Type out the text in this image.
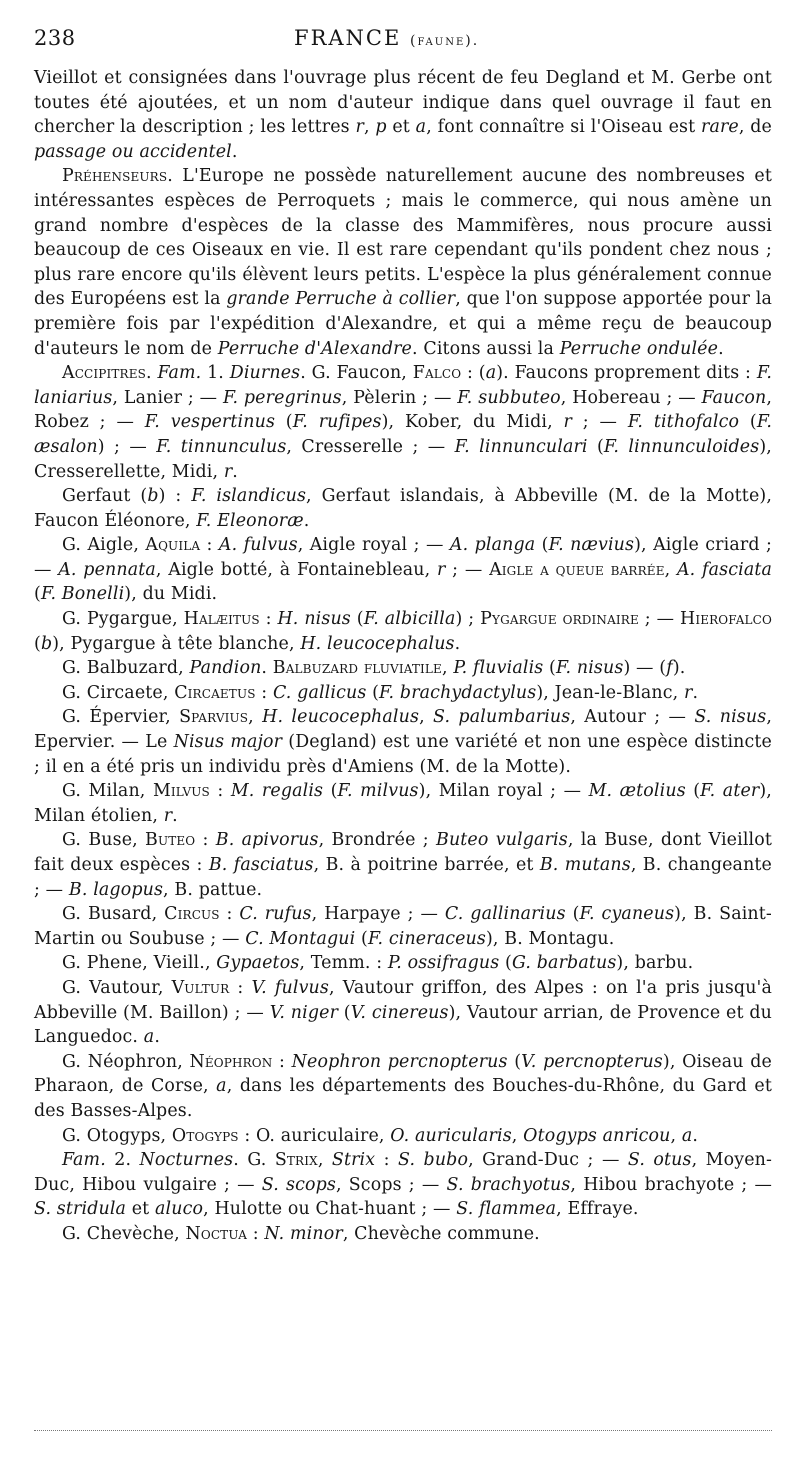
238	FRANCE (faune).

Vieillot et consignées dans l'ouvrage plus récent de feu Degland et M. Gerbe ont toutes été ajoutées, et un nom d'auteur indique dans quel ouvrage il faut en chercher la description ; les lettres r, p et a, font connaître si l'Oiseau est rare, de passage ou accidentel.

Préhenseurs. L'Europe ne possède naturellement aucune des nombreuses et intéressantes espèces de Perroquets ; mais le commerce, qui nous amène un grand nombre d'espèces de la classe des Mammifères, nous procure aussi beaucoup de ces Oiseaux en vie. Il est rare cependant qu'ils pondent chez nous ; plus rare encore qu'ils élèvent leurs petits. L'espèce la plus généralement connue des Européens est la grande Perruche à collier, que l'on suppose apportée pour la première fois par l'expédition d'Alexandre, et qui a même reçu de beaucoup d'auteurs le nom de Perruche d'Alexandre. Citons aussi la Perruche ondulée.

Accipitres. Fam. 1. Diurnes. G. Faucon, Falco : (a). Faucons proprement dits : F. laniarius, Lanier ; — F. peregrinus, Pèlerin ; — F. subbuteo, Hobereau ; — Faucon, Robez ; — F. vespertinus (F. rufipes), Kober, du Midi, r ; — F. tithofalco (F. æsalon) ; — F. tinnunculus, Cresserelle ; — F. linnunculari (F. linnunculoides), Cresserellette, Midi, r.

Gerfaut (b) : F. islandicus, Gerfaut islandais, à Abbeville (M. de la Motte), Faucon Éléonore, F. Eleonoræ.

G. Aigle, Aquila : A. fulvus, Aigle royal ; — A. planga (F. nævius), Aigle criard ; — A. pennata, Aigle botté, à Fontainebleau, r ; — Aigle a queue barrée, A. fasciata (F. Bonelli), du Midi.

G. Pygargue, Halæitus : H. nisus (F. albicilla) ; Pygargue ordinaire ; — Hierofalco (b), Pygargue à tête blanche, H. leucocephalus.

G. Balbuzard, Pandion. Balbuzard fluviatile, P. fluvialis (F. nisus) — (f).

G. Circaete, Circaetus : C. gallicus (F. brachydactylus), Jean-le-Blanc, r.

G. Épervier, Sparvius, H. leucocephalus, S. palumbarius, Autour ; — S. nisus, Epervier. — Le Nisus major (Degland) est une variété et non une espèce distincte ; il en a été pris un individu près d'Amiens (M. de la Motte).

G. Milan, Milvus : M. regalis (F. milvus), Milan royal ; — M. ætolius (F. ater), Milan étolien, r.

G. Buse, Buteo : B. apivorus, Brondrée ; Buteo vulgaris, la Buse, dont Vieillot fait deux espèces : B. fasciatus, B. à poitrine barrée, et B. mutans, B. changeante ; — B. lagopus, B. pattue.

G. Busard, Circus : C. rufus, Harpaye ; — C. gallinarius (F. cyaneus), B. Saint-Martin ou Soubuse ; — C. Montagui (F. cineraceus), B. Montagu.

G. Phene, Vieill., Gypaetos, Temm. : P. ossifragus (G. barbatus), barbu.

G. Vautour, Vultur : V. fulvus, Vautour griffon, des Alpes : on l'a pris jusqu'à Abbeville (M. Baillon) ; — V. niger (V. cinereus), Vautour arrian, de Provence et du Languedoc. a.

G. Néophron, Néophron : Neophron percnopterus (V. percnopterus), Oiseau de Pharaon, de Corse, a, dans les départements des Bouches-du-Rhône, du Gard et des Basses-Alpes.

G. Otogyps, Otogyps : O. auriculaire, O. auricularis, Otogyps anricou, a.

Fam. 2. Nocturnes. G. Strix, Strix : S. bubo, Grand-Duc ; — S. otus, Moyen-Duc, Hibou vulgaire ; — S. scops, Scops ; — S. brachyotus, Hibou brachyote ; — S. stridula et aluco, Hulotte ou Chat-huant ; — S. flammea, Effraye.

G. Chevèche, Noctua : N. minor, Chevèche commune.
